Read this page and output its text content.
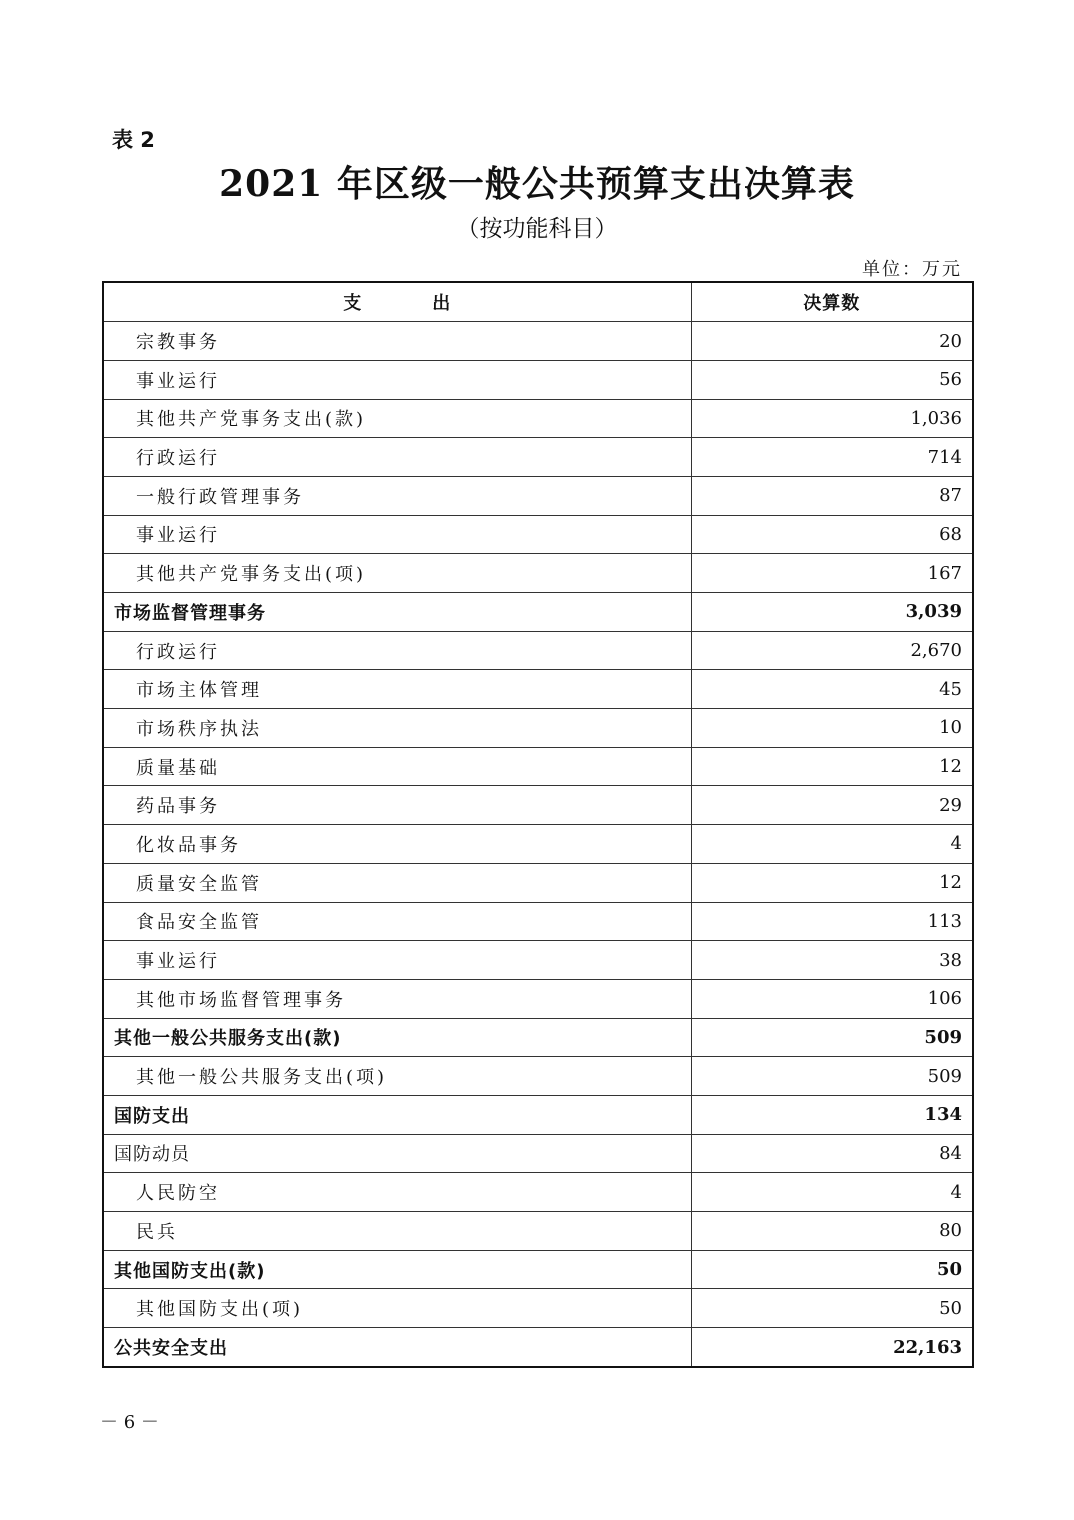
表 2
2021 年区级一般公共预算支出决算表
（按功能科目）
单位：万元
支 出	决算数
宗教事务	20
事业运行	56
其他共产党事务支出(款)	1,036
行政运行	714
一般行政管理事务	87
事业运行	68
其他共产党事务支出(项)	167
市场监督管理事务	3,039
行政运行	2,670
市场主体管理	45
市场秩序执法	10
质量基础	12
药品事务	29
化妆品事务	4
质量安全监管	12
食品安全监管	113
事业运行	38
其他市场监督管理事务	106
其他一般公共服务支出(款)	509
其他一般公共服务支出(项)	509
国防支出	134
国防动员	84
人民防空	4
民兵	80
其他国防支出(款)	50
其他国防支出(项)	50
公共安全支出	22,163
－ 6 －
